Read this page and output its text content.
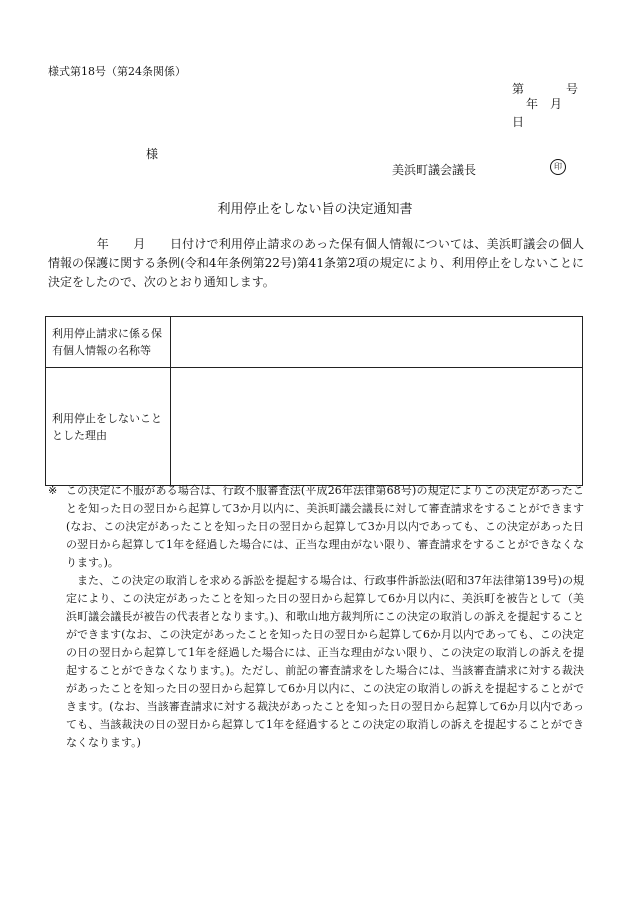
様式第18号（第24条関係）
第	号
年 月日
様
美浜町議会議長	印
利用停止をしない旨の決定通知書

　　　　年　　月　　日付けで利用停止請求のあった保有個人情報については、美浜町議会の個人情報の保護に関する条例(令和4年条例第22号)第41条第2項の規定により、利用停止をしないことに決定をしたので、次のとおり通知します。

利用停止請求に係る保有個人情報の名称等	
利用停止をしないこととした理由	
※ この決定に不服がある場合は、行政不服審査法(平成26年法律第68号)の規定によりこの決定があったことを知った日の翌日から起算して3か月以内に、美浜町議会議長に対して審査請求をすることができます(なお、この決定があったことを知った日の翌日から起算して3か月以内であっても、この決定があった日の翌日から起算して1年を経過した場合には、正当な理由がない限り、審査請求をすることができなくなります。)。

また、この決定の取消しを求める訴訟を提起する場合は、行政事件訴訟法(昭和37年法律第139号)の規定により、この決定があったことを知った日の翌日から起算して6か月以内に、美浜町を被告として（美浜町議会議長が被告の代表者となります。)、和歌山地方裁判所にこの決定の取消しの訴えを提起することができます(なお、この決定があったことを知った日の翌日から起算して6か月以内であっても、この決定の日の翌日から起算して1年を経過した場合には、正当な理由がない限り、この決定の取消しの訴えを提起することができなくなります。)。ただし、前記の審査請求をした場合には、当該審査請求に対する裁決があったことを知った日の翌日から起算して6か月以内に、この決定の取消しの訴えを提起することができます。(なお、当該審査請求に対する裁決があったことを知った日の翌日から起算して6か月以内であっても、当該裁決の日の翌日から起算して1年を経過するとこの決定の取消しの訴えを提起することができなくなります。)
